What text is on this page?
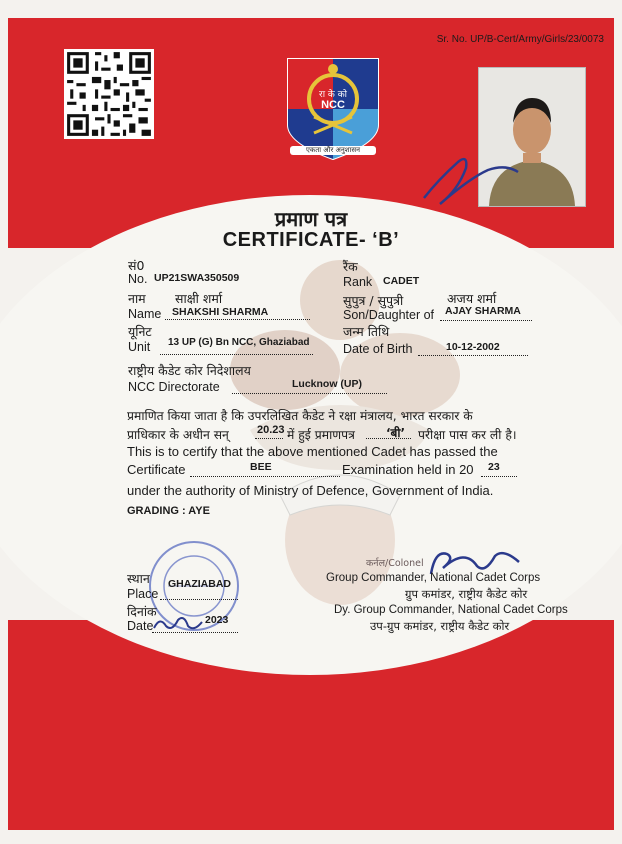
Sr. No. UP/B-Cert/Army/Girls/23/0073
रा के को
NCC
एकता और अनुशासन
प्रमाण पत्र
CERTIFICATE- ‘B’
सं0
No. UP21SWA350509
रैंक
Rank CADET
नाम साक्षी शर्मा
Name SHAKSHI SHARMA
सुपुत्र / सुपुत्री	अजय शर्मा
Son/Daughter of AJAY SHARMA
यूनिट
Unit 13 UP (G) Bn NCC, Ghaziabad
जन्म तिथि
Date of Birth	10-12-2002
राष्ट्रीय कैडेट कोर निदेशालय
NCC Directorate	Lucknow (UP)
प्रमाणित किया जाता है कि उपरलिखित कैडेट ने रक्षा मंत्रालय, भारत सरकार के
प्राधिकार के अधीन सन्	20.23 में हुई प्रमाणपत्र	‘बी’ परीक्षा पास कर ली है।
This is to certify that the above mentioned Cadet has passed the
Certificate	BEE	Examination held in 20 23
under the authority of Ministry of Defence, Government of India.
GRADING : AYE
स्थान
Place
GHAZIABAD
दिनांक
Date	2023
कर्नल/Colonel
Group Commander, National Cadet Corps
ग्रुप कमांडर, राष्ट्रीय कैडेट कोर
Dy. Group Commander, National Cadet Corps
उप-ग्रुप कमांडर, राष्ट्रीय कैडेट कोर
